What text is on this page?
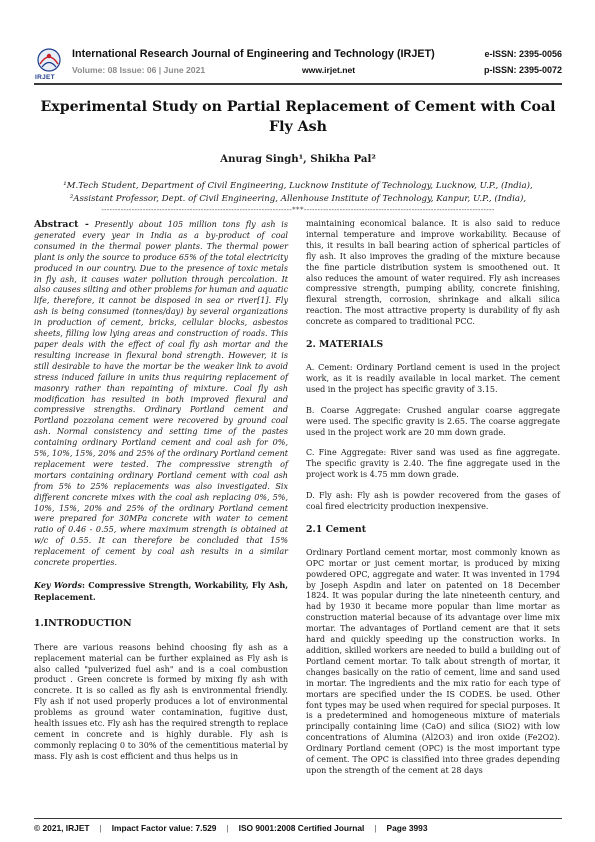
IRJET
International Research Journal of Engineering and Technology (IRJET)	e-ISSN: 2395-0056
Volume: 08 Issue: 06 | June 2021	www.irjet.net	p-ISSN: 2395-0072
Experimental Study on Partial Replacement of Cement with Coal Fly Ash
Anurag Singh¹, Shikha Pal²
¹M.Tech Student, Department of Civil Engineering, Lucknow Institute of Technology, Lucknow, U.P., (India),
²Assistant Professor, Dept. of Civil Engineering, Allenhouse Institute of Technology, Kanpur, U.P., (India),
---------------------------------------------------------------------***---------------------------------------------------------------------

Abstract - Presently about 105 million tons fly ash is generated every year in India as a by-product of coal consumed in the thermal power plants. The thermal power plant is only the source to produce 65% of the total electricity produced in our country. Due to the presence of toxic metals in fly ash, it causes water pollution through percolation. It also causes silting and other problems for human and aquatic life, therefore, it cannot be disposed in sea or river[1]. Fly ash is being consumed (tonnes/day) by several organizations in production of cement, bricks, cellular blocks, asbestos sheets, filling low lying areas and construction of roads. This paper deals with the effect of coal fly ash mortar and the resulting increase in flexural bond strength. However, it is still desirable to have the mortar be the weaker link to avoid stress induced failure in units thus requiring replacement of masonry rather than repainting of mixture. Coal fly ash modification has resulted in both improved flexural and compressive strengths. Ordinary Portland cement and Portland pozzolana cement were recovered by ground coal ash. Normal consistency and setting time of the pastes containing ordinary Portland cement and coal ash for 0%, 5%, 10%, 15%, 20% and 25% of the ordinary Portland cement replacement were tested. The compressive strength of mortars containing ordinary Portland cement with coal ash from 5% to 25% replacements was also investigated. Six different concrete mixes with the coal ash replacing 0%, 5%, 10%, 15%, 20% and 25% of the ordinary Portland cement were prepared for 30MPa concrete with water to cement ratio of 0.46 - 0.55, where maximum strength is obtained at w/c of 0.55. It can therefore be concluded that 15% replacement of cement by coal ash results in a similar concrete properties.

Key Words: Compressive Strength, Workability, Fly Ash, Replacement.

1.INTRODUCTION

There are various reasons behind choosing fly ash as a replacement material can be further explained as Fly ash is also called "pulverized fuel ash" and is a coal combustion product . Green concrete is formed by mixing fly ash with concrete. It is so called as fly ash is environmental friendly. Fly ash if not used properly produces a lot of environmental problems as ground water contamination, fugitive dust, health issues etc. Fly ash has the required strength to replace cement in concrete and is highly durable. Fly ash is commonly replacing 0 to 30% of the cementitious material by mass. Fly ash is cost efficient and thus helps us in

maintaining economical balance. It is also said to reduce internal temperature and improve workability. Because of this, it results in ball bearing action of spherical particles of fly ash. It also improves the grading of the mixture because the fine particle distribution system is smoothened out. It also reduces the amount of water required. Fly ash increases compressive strength, pumping ability, concrete finishing, flexural strength, corrosion, shrinkage and alkali silica reaction. The most attractive property is durability of fly ash concrete as compared to traditional PCC.

2. MATERIALS

A. Cement: Ordinary Portland cement is used in the project work, as it is readily available in local market. The cement used in the project has specific gravity of 3.15.

B. Coarse Aggregate: Crushed angular coarse aggregate were used. The specific gravity is 2.65. The coarse aggregate used in the project work are 20 mm down grade.

C. Fine Aggregate: River sand was used as fine aggregate. The specific gravity is 2.40. The fine aggregate used in the project work is 4.75 mm down grade.

D. Fly ash: Fly ash is powder recovered from the gases of coal fired electricity production inexpensive.

2.1 Cement

Ordinary Portland cement mortar, most commonly known as OPC mortar or just cement mortar, is produced by mixing powdered OPC, aggregate and water. It was invented in 1794 by Joseph Aspdin and later on patented on 18 December 1824. It was popular during the late nineteenth century, and had by 1930 it became more popular than lime mortar as construction material because of its advantage over lime mix mortar. The advantages of Portland cement are that it sets hard and quickly speeding up the construction works. In addition, skilled workers are needed to build a building out of Portland cement mortar. To talk about strength of mortar, it changes basically on the ratio of cement, lime and sand used in mortar. The ingredients and the mix ratio for each type of mortars are specified under the IS CODES. be used. Other font types may be used when required for special purposes. It is a predetermined and homogeneous mixture of materials principally containing lime (CaO) and silica (SiO2) with low concentrations of Alumina (Al2O3) and iron oxide (Fe2O2). Ordinary Portland cement (OPC) is the most important type of cement. The OPC is classified into three grades depending upon the strength of the cement at 28 days

© 2021, IRJET | Impact Factor value: 7.529 | ISO 9001:2008 Certified Journal | Page 3993
